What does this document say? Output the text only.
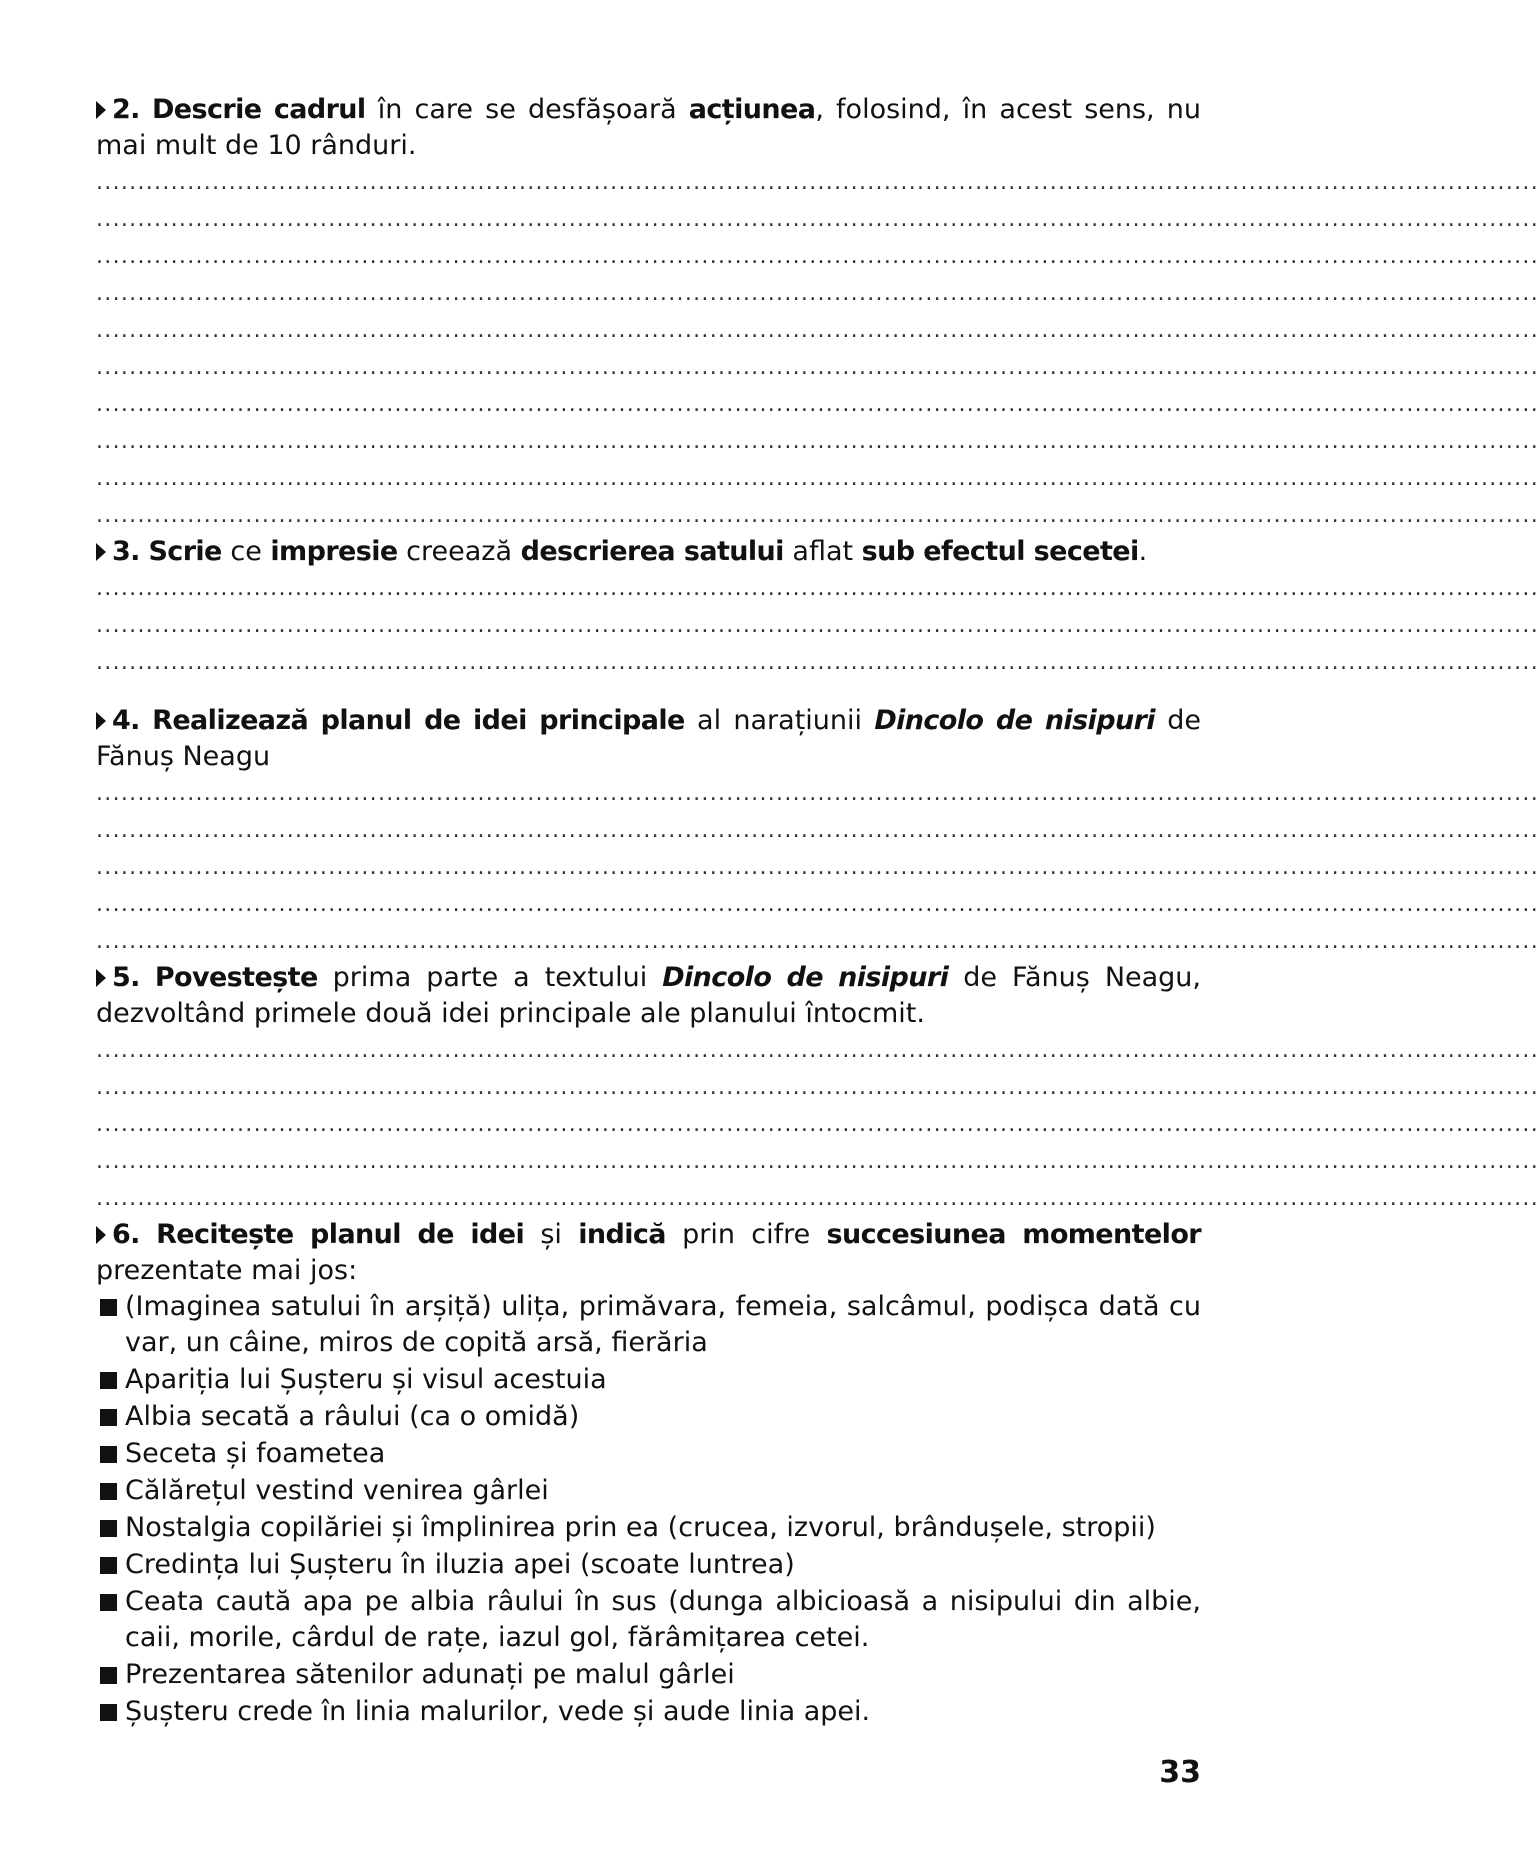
2. Descrie cadrul în care se desfășoară acțiunea, folosind, în acest sens, nu mai mult de 10 rânduri.

..............................................................................................................................................................................
..............................................................................................................................................................................
..............................................................................................................................................................................
..............................................................................................................................................................................
..............................................................................................................................................................................
..............................................................................................................................................................................
..............................................................................................................................................................................
..............................................................................................................................................................................
..............................................................................................................................................................................
..............................................................................................................................................................................

3. Scrie ce impresie creează descrierea satului aflat sub efectul secetei.

..............................................................................................................................................................................
..............................................................................................................................................................................
..............................................................................................................................................................................

4. Realizează planul de idei principale al narațiunii Dincolo de nisipuri de Fănuș Neagu

..............................................................................................................................................................................
..............................................................................................................................................................................
..............................................................................................................................................................................
..............................................................................................................................................................................
..............................................................................................................................................................................

5. Povestește prima parte a textului Dincolo de nisipuri de Fănuș Neagu, dezvoltând primele două idei principale ale planului întocmit.

..............................................................................................................................................................................
..............................................................................................................................................................................
..............................................................................................................................................................................
..............................................................................................................................................................................
..............................................................................................................................................................................

6. Recitește planul de idei și indică prin cifre succesiunea momentelor prezentate mai jos:

(Imaginea satului în arșiță) ulița, primăvara, femeia, salcâmul, podișca dată cu var, un câine, miros de copită arsă, fierăria
Apariția lui Șușteru și visul acestuia
Albia secată a râului (ca o omidă)
Seceta și foametea
Călărețul vestind venirea gârlei
Nostalgia copilăriei și împlinirea prin ea (crucea, izvorul, brândușele, stropii)
Credința lui Șușteru în iluzia apei (scoate luntrea)
Ceata caută apa pe albia râului în sus (dunga albicioasă a nisipului din albie, caii, morile, cârdul de rațe, iazul gol, fărâmițarea cetei.
Prezentarea sătenilor adunați pe malul gârlei
Șușteru crede în linia malurilor, vede și aude linia apei.
33
